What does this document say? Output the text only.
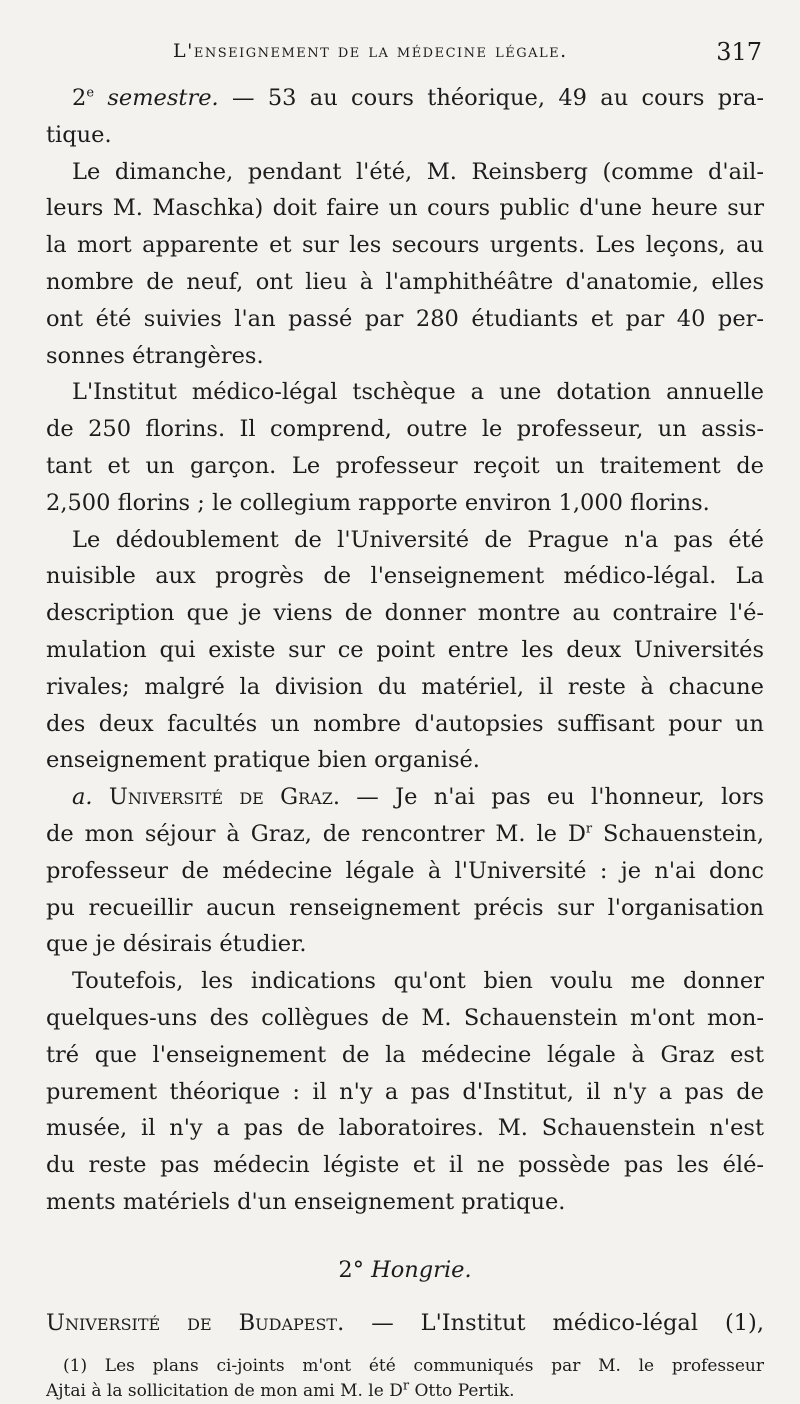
L'enseignement de la médecine légale.	317
2e semestre. — 53 au cours théorique, 49 au cours pra-
tique.
Le dimanche, pendant l'été, M. Reinsberg (comme d'ail-
leurs M. Maschka) doit faire un cours public d'une heure sur
la mort apparente et sur les secours urgents. Les leçons, au
nombre de neuf, ont lieu à l'amphithéâtre d'anatomie, elles
ont été suivies l'an passé par 280 étudiants et par 40 per-
sonnes étrangères.
L'Institut médico-légal tschèque a une dotation annuelle
de 250 florins. Il comprend, outre le professeur, un assis-
tant et un garçon. Le professeur reçoit un traitement de
2,500 florins ; le collegium rapporte environ 1,000 florins.
Le dédoublement de l'Université de Prague n'a pas été
nuisible aux progrès de l'enseignement médico-légal. La
description que je viens de donner montre au contraire l'é-
mulation qui existe sur ce point entre les deux Universités
rivales; malgré la division du matériel, il reste à chacune
des deux facultés un nombre d'autopsies suffisant pour un
enseignement pratique bien organisé.
a. Université de Graz. — Je n'ai pas eu l'honneur, lors
de mon séjour à Graz, de rencontrer M. le $D^r$ Schauenstein,
professeur de médecine légale à l'Université : je n'ai donc
pu recueillir aucun renseignement précis sur l'organisation
que je désirais étudier.
Toutefois, les indications qu'ont bien voulu me donner
quelques-uns des collègues de M. Schauenstein m'ont mon-
tré que l'enseignement de la médecine légale à Graz est
purement théorique : il n'y a pas d'Institut, il n'y a pas de
musée, il n'y a pas de laboratoires. M. Schauenstein n'est
du reste pas médecin légiste et il ne possède pas les élé-
ments matériels d'un enseignement pratique.
2° Hongrie.
Université de Budapest. — L'Institut médico-légal (1),
(1) Les plans ci-joints m'ont été communiqués par M. le professeur
Ajtai à la sollicitation de mon ami M. le $D^r$ Otto Pertik.
